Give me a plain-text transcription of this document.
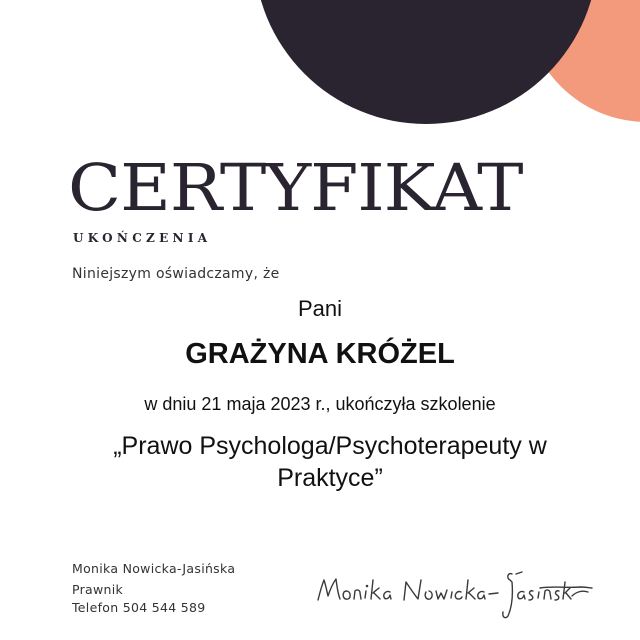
CERTYFIKAT
UKOŃCZENIA
Niniejszym oświadczamy, że
Pani
GRAŻYNA KRÓŻEL
w dniu 21 maja 2023 r., ukończyła szkolenie
„Prawo Psychologa/Psychoterapeuty w Praktyce”
Monika Nowicka-Jasińska
Prawnik
Telefon 504 544 589
